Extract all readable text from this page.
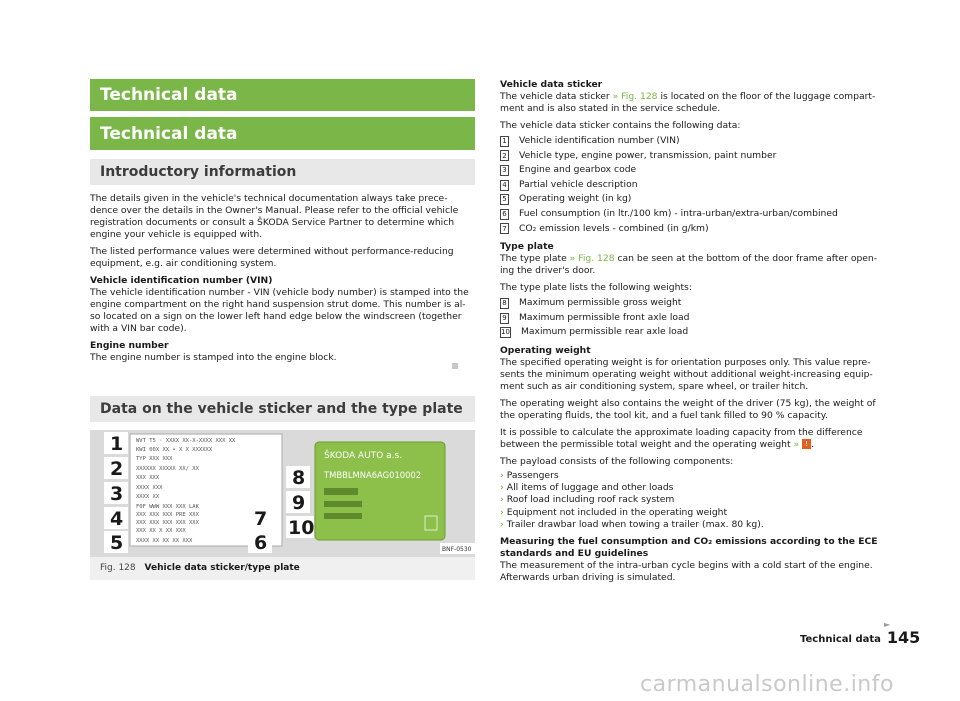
Technical data
Technical data
Introductory information

The details given in the vehicle's technical documentation always take prece-dence over the details in the Owner's Manual. Please refer to the official vehicle registration documents or consult a ŠKODA Service Partner to determine which engine your vehicle is equipped with.

The listed performance values were determined without performance-reducing equipment, e.g. air conditioning system.

Vehicle identification number (VIN)
The vehicle identification number - VIN (vehicle body number) is stamped into the engine compartment on the right hand suspension strut dome. This number is al-so located on a sign on the lower left hand edge below the windscreen (together with a VIN bar code).

Engine number
The engine number is stamped into the engine block.

Data on the vehicle sticker and the type plate
WVT T5 · XXXX XX-X-XXXX XXX XX
KWI 00X XX • X X XXXXXX
TYP XXX XXX
XXXXXX XXXXX XX/ XX
XXX XXX
XXXX XXX
XXXX XX
F0F WWW XXX XXX LAK
XXX XXX XXX PRE XXX
XXX XXX XXX XXX XXX
XXX XX X XX XXX
XXXX XX XX XX XXX
1
2
3
4
5	6
7
ŠKODA AUTO a.s.
TMBBLMNA6AG010002
8
9
10
BNF-0530
Fig. 128 Vehicle data sticker/type plate

Vehicle data sticker
The vehicle data sticker » Fig. 128 is located on the floor of the luggage compart-ment and is also stated in the service schedule.

The vehicle data sticker contains the following data:

1 Vehicle identification number (VIN)
2 Vehicle type, engine power, transmission, paint number
3 Engine and gearbox code
4 Partial vehicle description
5 Operating weight (in kg)
6 Fuel consumption (in ltr./100 km) - intra-urban/extra-urban/combined
7 CO₂ emission levels - combined (in g/km)

Type plate
The type plate » Fig. 128 can be seen at the bottom of the door frame after open-ing the driver's door.

The type plate lists the following weights:

8 Maximum permissible gross weight
9 Maximum permissible front axle load
10 Maximum permissible rear axle load

Operating weight
The specified operating weight is for orientation purposes only. This value repre-sents the minimum operating weight without additional weight-increasing equip-ment such as air conditioning system, spare wheel, or trailer hitch.

The operating weight also contains the weight of the driver (75 kg), the weight of the operating fluids, the tool kit, and a fuel tank filled to 90 % capacity.

It is possible to calculate the approximate loading capacity from the difference between the permissible total weight and the operating weight » ! .

The payload consists of the following components:

› Passengers
› All items of luggage and other loads
› Roof load including roof rack system
› Equipment not included in the operating weight
› Trailer drawbar load when towing a trailer (max. 80 kg).

Measuring the fuel consumption and CO₂ emissions according to the ECE standards and EU guidelines
The measurement of the intra-urban cycle begins with a cold start of the engine. Afterwards urban driving is simulated.

►
Technical data 145
carmanualsonline.info
